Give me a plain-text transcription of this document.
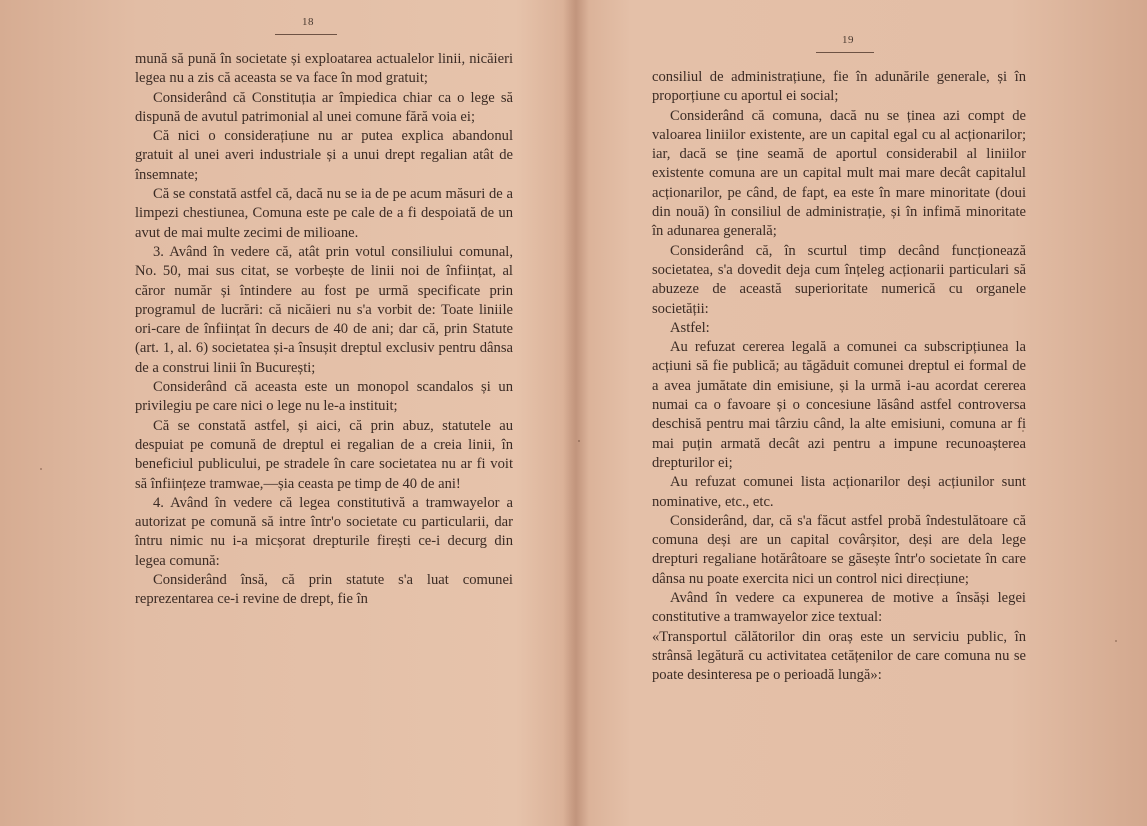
18

mună să pună în societate și exploatarea actualelor linii, nicăieri legea nu a zis că aceasta se va face în mod gratuit;

Considerând că Constituția ar împiedica chiar ca o lege să dispună de avutul patrimonial al unei comune fără voia ei;

Că nici o considerațiune nu ar putea explica abandonul gratuit al unei averi industriale și a unui drept regalian atât de însemnate;

Că se constată astfel că, dacă nu se ia de pe acum măsuri de a limpezi chestiunea, Comuna este pe cale de a fi despoiată de un avut de mai multe zecimi de milioane.

3. Având în vedere că, atât prin votul consiliului comunal, No. 50, mai sus citat, se vorbește de linii noi de înființat, al căror număr și întindere au fost pe urmă specificate prin programul de lucrări: că nicăieri nu s'a vorbit de: Toate liniile ori-care de înființat în decurs de 40 de ani; dar că, prin Statute (art. 1, al. 6) societatea și-a însușit dreptul exclusiv pentru dânsa de a construi linii în București;

Considerând că aceasta este un monopol scandalos și un privilegiu pe care nici o lege nu le-a instituit;

Că se constată astfel, și aici, că prin abuz, statutele au despuiat pe comună de dreptul ei regalian de a creia linii, în beneficiul publicului, pe stradele în care societatea nu ar fi voit să înființeze tramwae,—șia ceasta pe timp de 40 de ani!

4. Având în vedere că legea constitutivă a tramwayelor a autorizat pe comună să intre într'o societate cu particularii, dar întru nimic nu i-a micșorat drepturile firești ce-i decurg din legea comună:

Considerând însă, că prin statute s'a luat comunei reprezentarea ce-i revine de drept, fie în

19

consiliul de administrațiune, fie în adunările generale, și în proporțiune cu aportul ei social;

Considerând că comuna, dacă nu se ținea azi compt de valoarea liniilor existente, are un capital egal cu al acționarilor; iar, dacă se ține seamă de aportul considerabil al liniilor existente comuna are un capital mult mai mare decât capitalul acționarilor, pe când, de fapt, ea este în mare minoritate (doui din nouă) în consiliul de administrație, și în infimă minoritate în adunarea generală;

Considerând că, în scurtul timp decând funcționează societatea, s'a dovedit deja cum înțeleg acționarii particulari să abuzeze de această superioritate numerică cu organele societății:

Astfel:

Au refuzat cererea legală a comunei ca subscripțiunea la acțiuni să fie publică; au tăgăduit comunei dreptul ei formal de a avea jumătate din emisiune, și la urmă i-au acordat cererea numai ca o favoare și o concesiune lăsând astfel controversa deschisă pentru mai târziu când, la alte emisiuni, comuna ar fi mai puțin armată decât azi pentru a impune recunoașterea drepturilor ei;

Au refuzat comunei lista acționarilor deși acțiunilor sunt nominative, etc., etc.

Considerând, dar, că s'a făcut astfel probă îndestulătoare că comuna deși are un capital covârșitor, deși are dela lege drepturi regaliane hotărâtoare se găsește într'o societate în care dânsa nu poate exercita nici un control nici direcțiune;

Având în vedere ca expunerea de motive a însăși legei constitutive a tramwayelor zice textual:

«Transportul călătorilor din oraș este un serviciu public, în strânsă legătură cu activitatea cetățenilor de care comuna nu se poate desinteresa pe o perioadă lungă»:
